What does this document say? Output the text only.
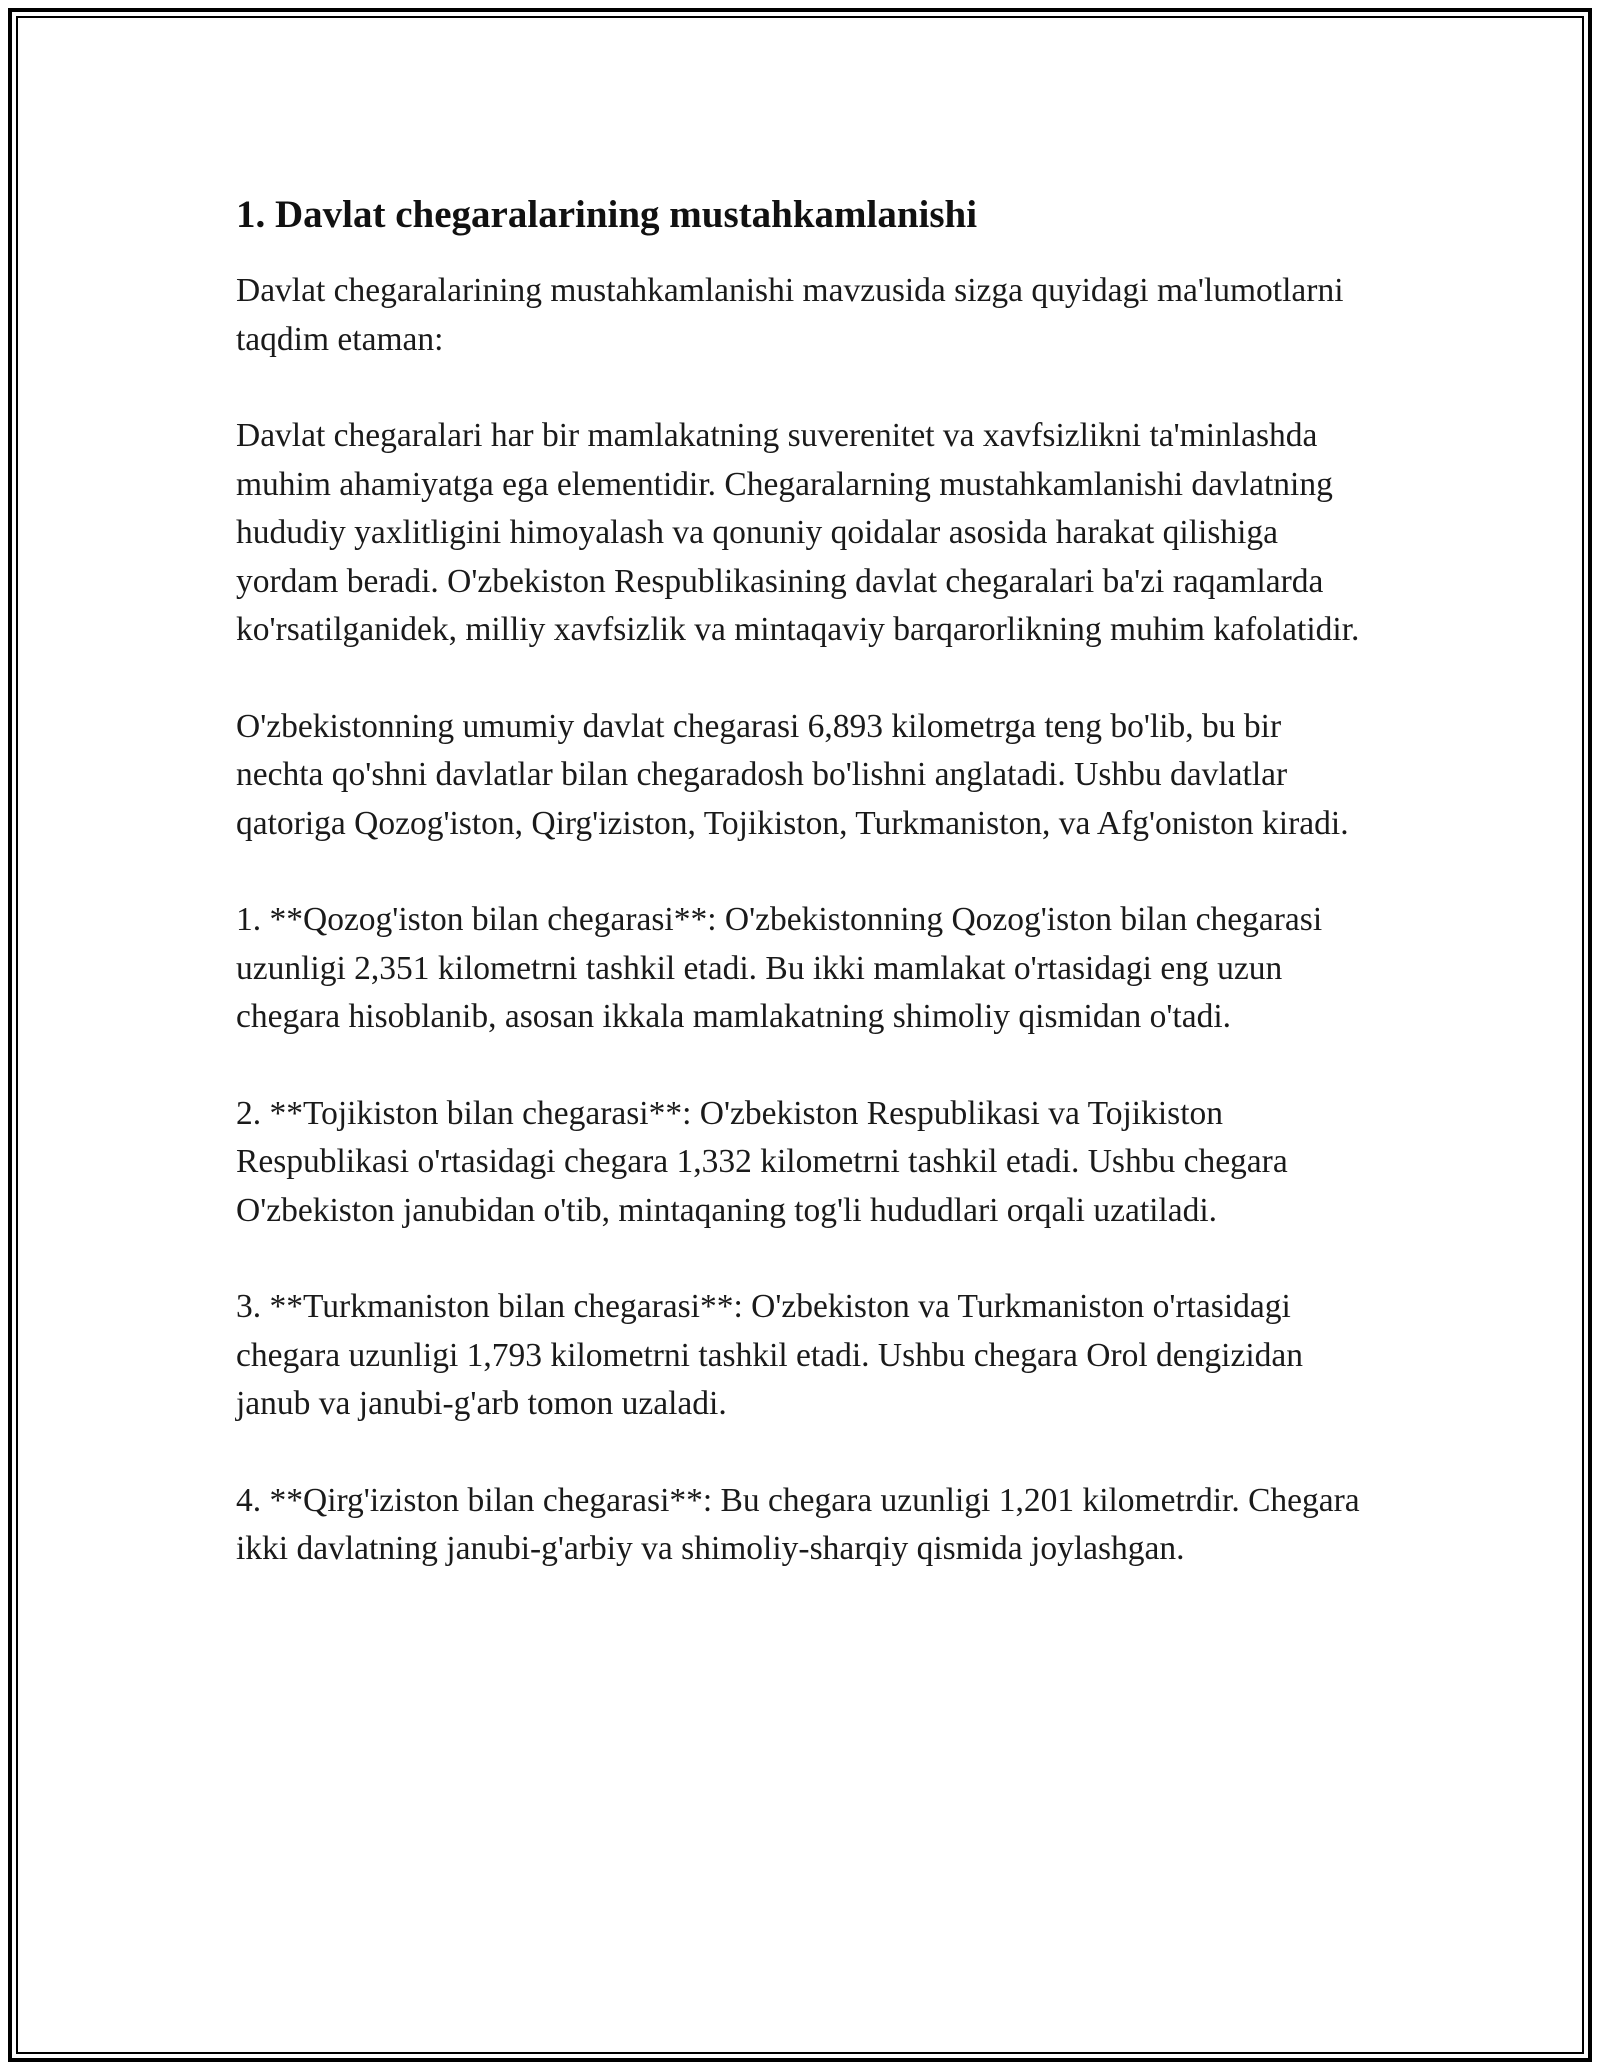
1. Davlat chegaralarining mustahkamlanishi

Davlat chegaralarining mustahkamlanishi mavzusida sizga quyidagi ma'lumotlarni taqdim etaman:

Davlat chegaralari har bir mamlakatning suverenitet va xavfsizlikni ta'minlashda muhim ahamiyatga ega elementidir. Chegaralarning mustahkamlanishi davlatning hududiy yaxlitligini himoyalash va qonuniy qoidalar asosida harakat qilishiga yordam beradi. O'zbekiston Respublikasining davlat chegaralari ba'zi raqamlarda ko'rsatilganidek, milliy xavfsizlik va mintaqaviy barqarorlikning muhim kafolatidir.

O'zbekistonning umumiy davlat chegarasi 6,893 kilometrga teng bo'lib, bu bir nechta qo'shni davlatlar bilan chegaradosh bo'lishni anglatadi. Ushbu davlatlar qatoriga Qozog'iston, Qirg'iziston, Tojikiston, Turkmaniston, va Afg'oniston kiradi.

1. **Qozog'iston bilan chegarasi**: O'zbekistonning Qozog'iston bilan chegarasi uzunligi 2,351 kilometrni tashkil etadi. Bu ikki mamlakat o'rtasidagi eng uzun chegara hisoblanib, asosan ikkala mamlakatning shimoliy qismidan o'tadi.

2. **Tojikiston bilan chegarasi**: O'zbekiston Respublikasi va Tojikiston Respublikasi o'rtasidagi chegara 1,332 kilometrni tashkil etadi. Ushbu chegara O'zbekiston janubidan o'tib, mintaqaning tog'li hududlari orqali uzatiladi.

3. **Turkmaniston bilan chegarasi**: O'zbekiston va Turkmaniston o'rtasidagi chegara uzunligi 1,793 kilometrni tashkil etadi. Ushbu chegara Orol dengizidan janub va janubi-g'arb tomon uzaladi.

4. **Qirg'iziston bilan chegarasi**: Bu chegara uzunligi 1,201 kilometrdir. Chegara ikki davlatning janubi-g'arbiy va shimoliy-sharqiy qismida joylashgan.
